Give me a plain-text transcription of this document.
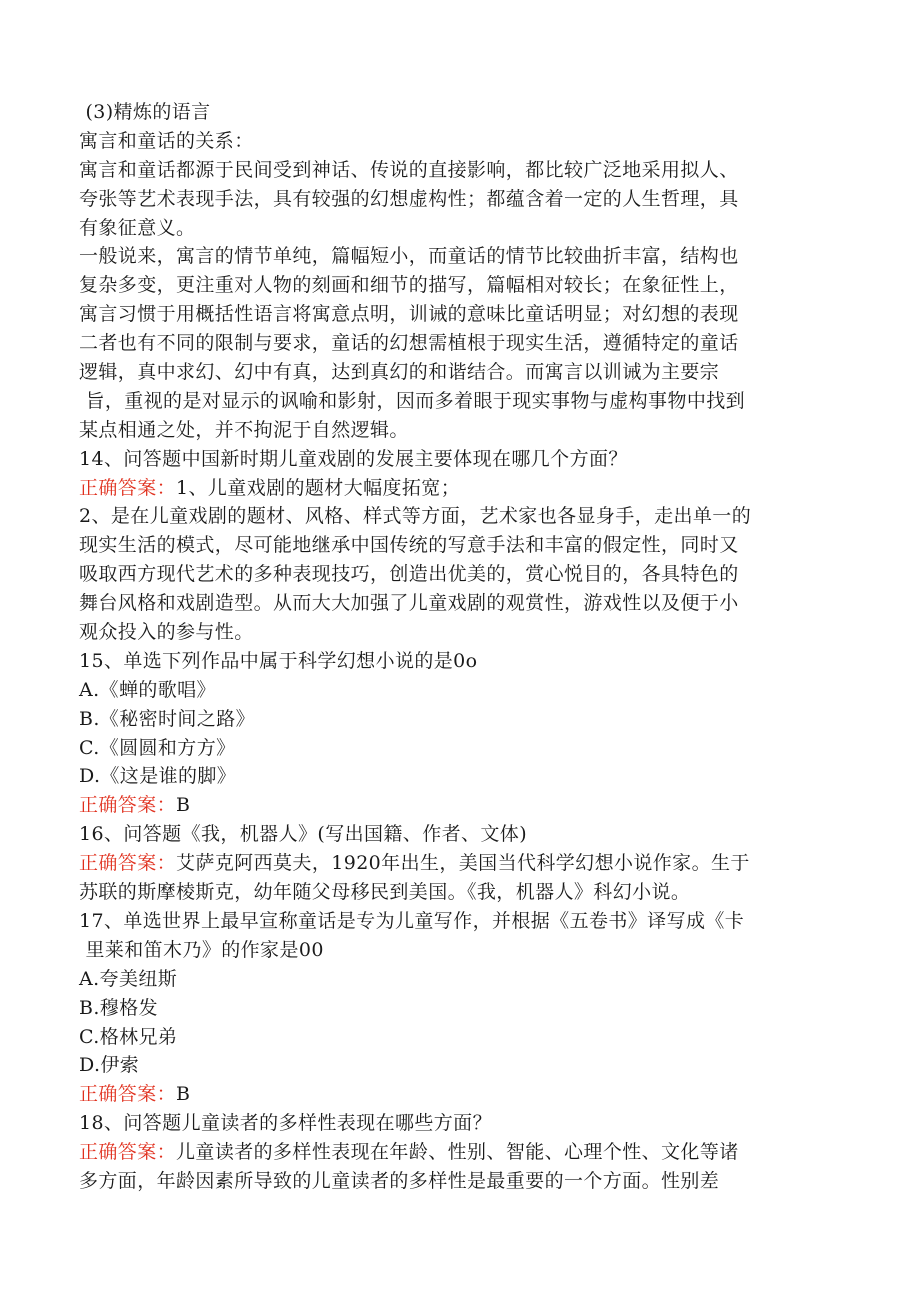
(3)精炼的语言
寓言和童话的关系：
寓言和童话都源于民间受到神话、传说的直接影响，都比较广泛地采用拟人、
夸张等艺术表现手法，具有较强的幻想虚构性；都蕴含着一定的人生哲理，具
有象征意义。
一般说来，寓言的情节单纯，篇幅短小，而童话的情节比较曲折丰富，结构也
复杂多变，更注重对人物的刻画和细节的描写，篇幅相对较长；在象征性上，
寓言习惯于用概括性语言将寓意点明，训诫的意味比童话明显；对幻想的表现
二者也有不同的限制与要求，童话的幻想需植根于现实生活，遵循特定的童话
逻辑，真中求幻、幻中有真，达到真幻的和谐结合。而寓言以训诫为主要宗
旨，重视的是对显示的讽喻和影射，因而多着眼于现实事物与虚构事物中找到
某点相通之处，并不拘泥于自然逻辑。
14、问答题中国新时期儿童戏剧的发展主要体现在哪几个方面？
正确答案：1、儿童戏剧的题材大幅度拓宽；
2、是在儿童戏剧的题材、风格、样式等方面，艺术家也各显身手，走出单一的
现实生活的模式，尽可能地继承中国传统的写意手法和丰富的假定性，同时又
吸取西方现代艺术的多种表现技巧，创造出优美的，赏心悦目的，各具特色的
舞台风格和戏剧造型。从而大大加强了儿童戏剧的观赏性，游戏性以及便于小
观众投入的参与性。
15、单选下列作品中属于科学幻想小说的是0o
A.《蝉的歌唱》
B.《秘密时间之路》
C.《圆圆和方方》
D.《这是谁的脚》
正确答案：B
16、问答题《我，机器人》(写出国籍、作者、文体)
正确答案：艾萨克阿西莫夫，1920年出生，美国当代科学幻想小说作家。生于
苏联的斯摩棱斯克，幼年随父母移民到美国。《我，机器人》科幻小说。
17、单选世界上最早宣称童话是专为儿童写作，并根据《五卷书》译写成《卡
里莱和笛木乃》的作家是00
A.夸美纽斯
B.穆格发
C.格林兄弟
D.伊索
正确答案：B
18、问答题儿童读者的多样性表现在哪些方面？
正确答案：儿童读者的多样性表现在年龄、性别、智能、心理个性、文化等诸
多方面，年龄因素所导致的儿童读者的多样性是最重要的一个方面。性别差
